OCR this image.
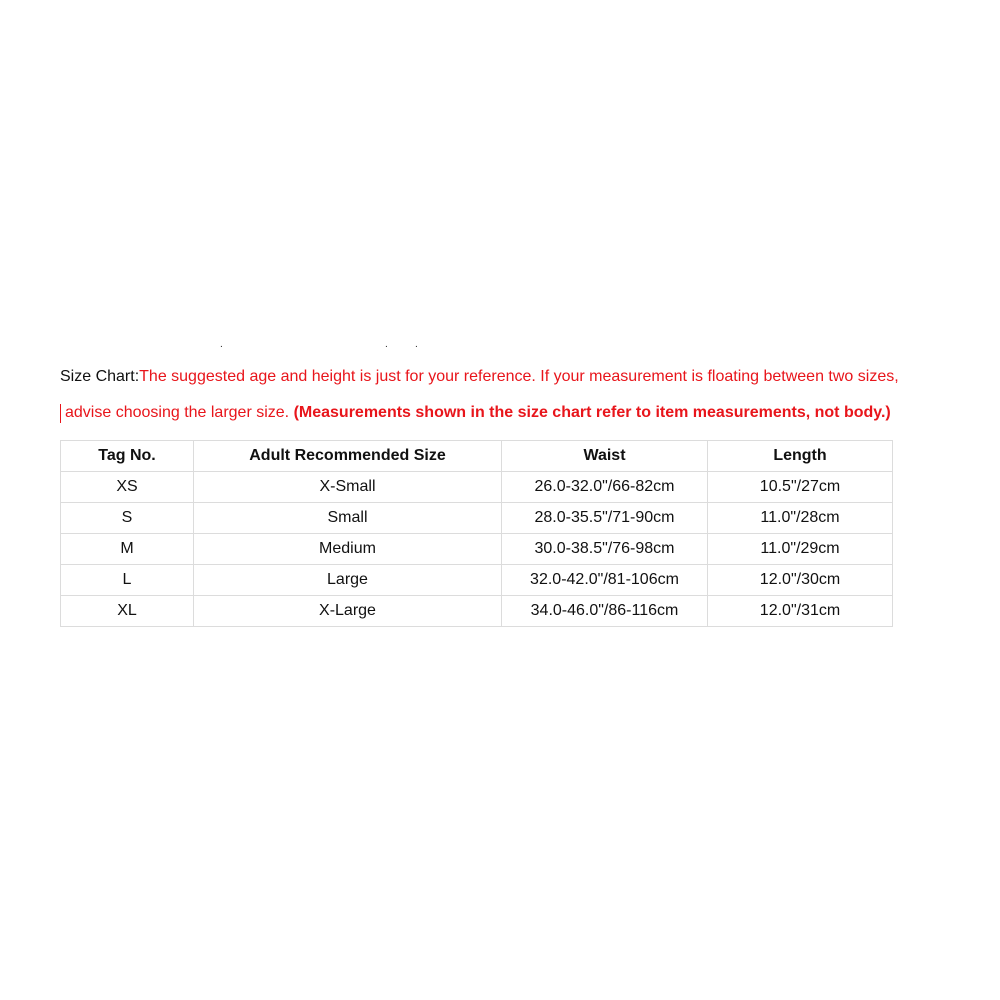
.	.	.
Size Chart:The suggested age and height is just for your reference. If your measurement is floating between two sizes,
advise choosing the larger size. (Measurements shown in the size chart refer to item measurements, not body.)
Tag No.	Adult Recommended Size	Waist	Length
XS	X-Small	26.0-32.0"/66-82cm	10.5"/27cm
S	Small	28.0-35.5"/71-90cm	11.0"/28cm
M	Medium	30.0-38.5"/76-98cm	11.0"/29cm
L	Large	32.0-42.0"/81-106cm	12.0"/30cm
XL	X-Large	34.0-46.0"/86-116cm	12.0"/31cm
